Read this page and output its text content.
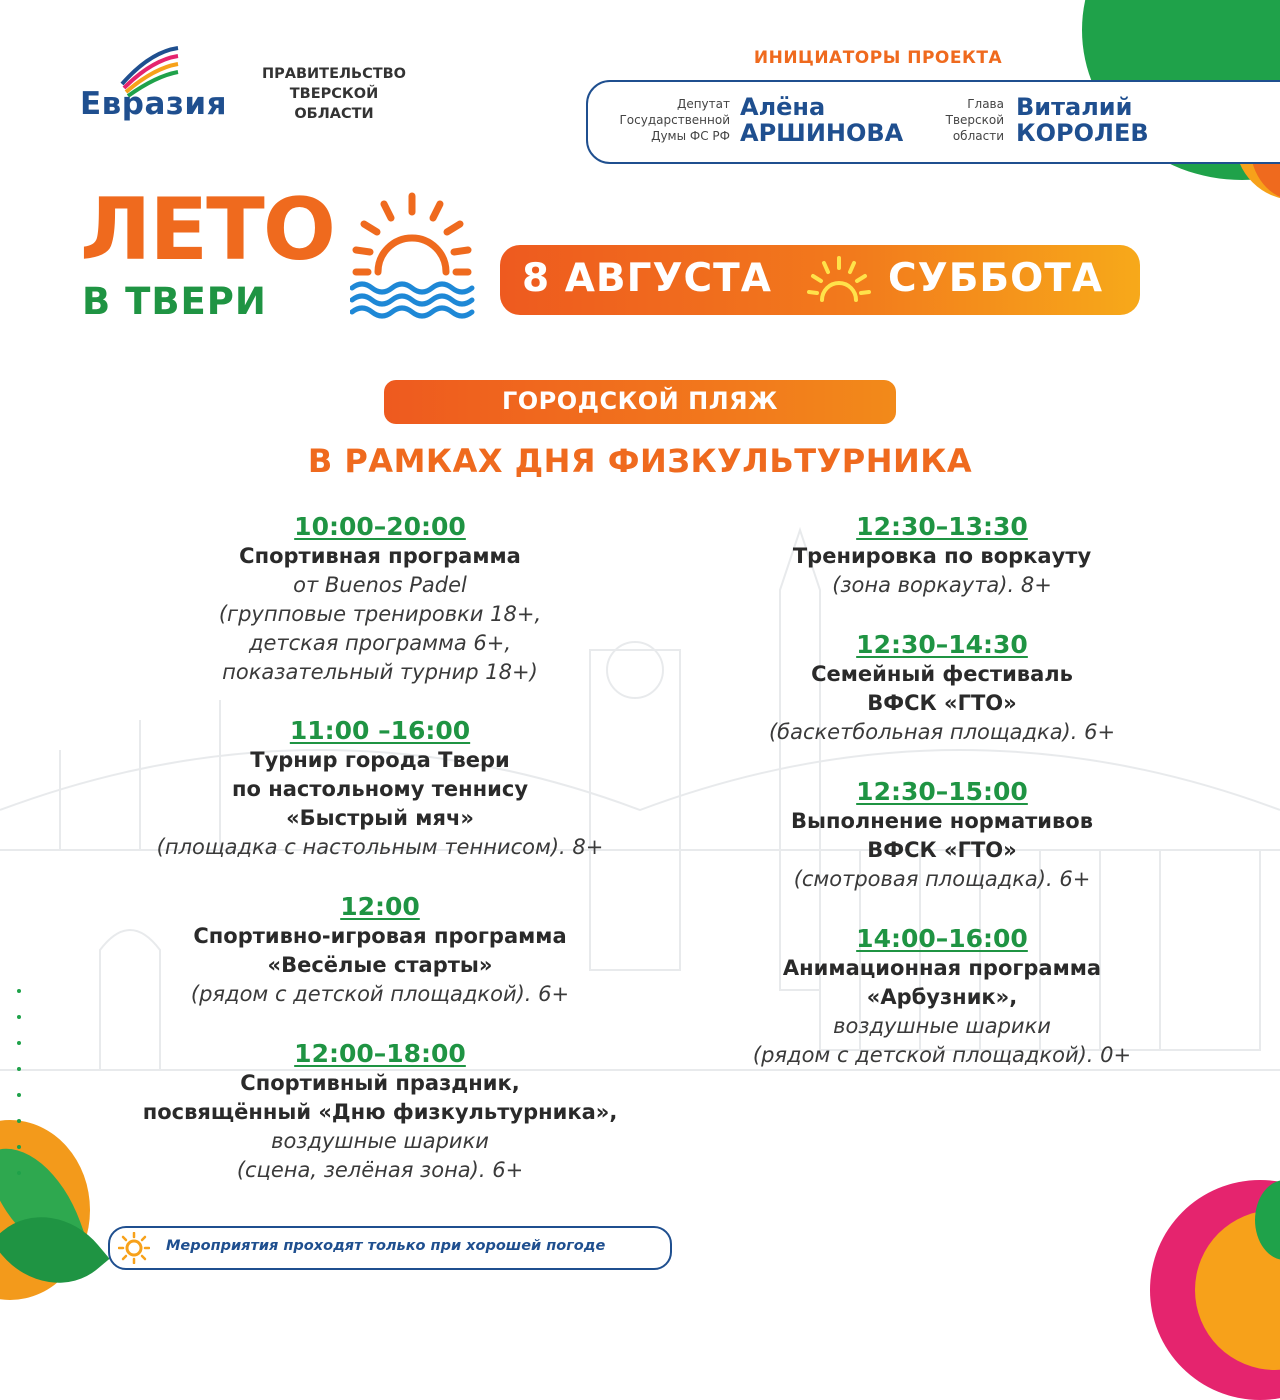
Евразия
ПРАВИТЕЛЬСТВО
ТВЕРСКОЙ
ОБЛАСТИ
ИНИЦИАТОРЫ ПРОЕКТА
Депутат
Государственной
Думы ФС РФ
Алёна
АРШИНОВА
Глава
Тверской
области
Виталий
КОРОЛЕВ
ЛЕТО
В ТВЕРИ
8 АВГУСТА	СУББОТА
ГОРОДСКОЙ ПЛЯЖ
В РАМКАХ ДНЯ ФИЗКУЛЬТУРНИКА
10:00–20:00
Спортивная программа
от Buenos Padel
(групповые тренировки 18+,
детская программа 6+,
показательный турнир 18+)
11:00 –16:00
Турнир города Твери
по настольному теннису
«Быстрый мяч»
(площадка с настольным теннисом). 8+
12:00
Спортивно-игровая программа
«Весёлые старты»
(рядом с детской площадкой). 6+
12:00–18:00
Спортивный праздник,
посвящённый «Дню физкультурника»,
воздушные шарики
(сцена, зелёная зона). 6+
12:30–13:30
Тренировка по воркауту
(зона воркаута). 8+
12:30–14:30
Семейный фестиваль
ВФСК «ГТО»
(баскетбольная площадка). 6+
12:30–15:00
Выполнение нормативов
ВФСК «ГТО»
(смотровая площадка). 6+
14:00–16:00
Анимационная программа
«Арбузник»,
воздушные шарики
(рядом с детской площадкой). 0+
Мероприятия проходят только при хорошей погоде
